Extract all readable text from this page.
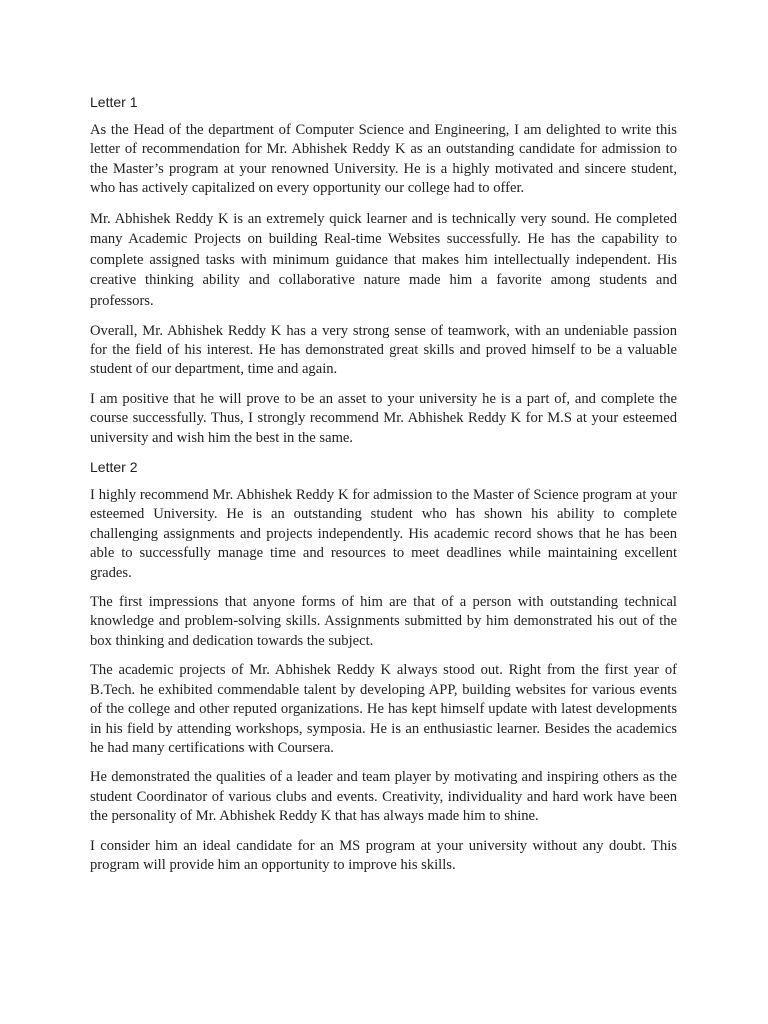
Letter 1

As the Head of the department of Computer Science and Engineering, I am delighted to write this letter of recommendation for Mr. Abhishek Reddy K as an outstanding candidate for admission to the Master’s program at your renowned University. He is a highly motivated and sincere student, who has actively capitalized on every opportunity our college had to offer.

Mr. Abhishek Reddy K is an extremely quick learner and is technically very sound. He completed many Academic Projects on building Real-time Websites successfully. He has the capability to complete assigned tasks with minimum guidance that makes him intellectually independent. His creative thinking ability and collaborative nature made him a favorite among students and professors.

Overall, Mr. Abhishek Reddy K has a very strong sense of teamwork, with an undeniable passion for the field of his interest. He has demonstrated great skills and proved himself to be a valuable student of our department, time and again.

I am positive that he will prove to be an asset to your university he is a part of, and complete the course successfully. Thus, I strongly recommend Mr. Abhishek Reddy K for M.S at your esteemed university and wish him the best in the same.

Letter 2

I highly recommend Mr. Abhishek Reddy K for admission to the Master of Science program at your esteemed University. He is an outstanding student who has shown his ability to complete challenging assignments and projects independently. His academic record shows that he has been able to successfully manage time and resources to meet deadlines while maintaining excellent grades.

The first impressions that anyone forms of him are that of a person with outstanding technical knowledge and problem-solving skills. Assignments submitted by him demonstrated his out of the box thinking and dedication towards the subject.

The academic projects of Mr. Abhishek Reddy K always stood out. Right from the first year of B.Tech. he exhibited commendable talent by developing APP, building websites for various events of the college and other reputed organizations. He has kept himself update with latest developments in his field by attending workshops, symposia. He is an enthusiastic learner. Besides the academics he had many certifications with Coursera.

He demonstrated the qualities of a leader and team player by motivating and inspiring others as the student Coordinator of various clubs and events. Creativity, individuality and hard work have been the personality of Mr. Abhishek Reddy K that has always made him to shine.

I consider him an ideal candidate for an MS program at your university without any doubt. This program will provide him an opportunity to improve his skills.
